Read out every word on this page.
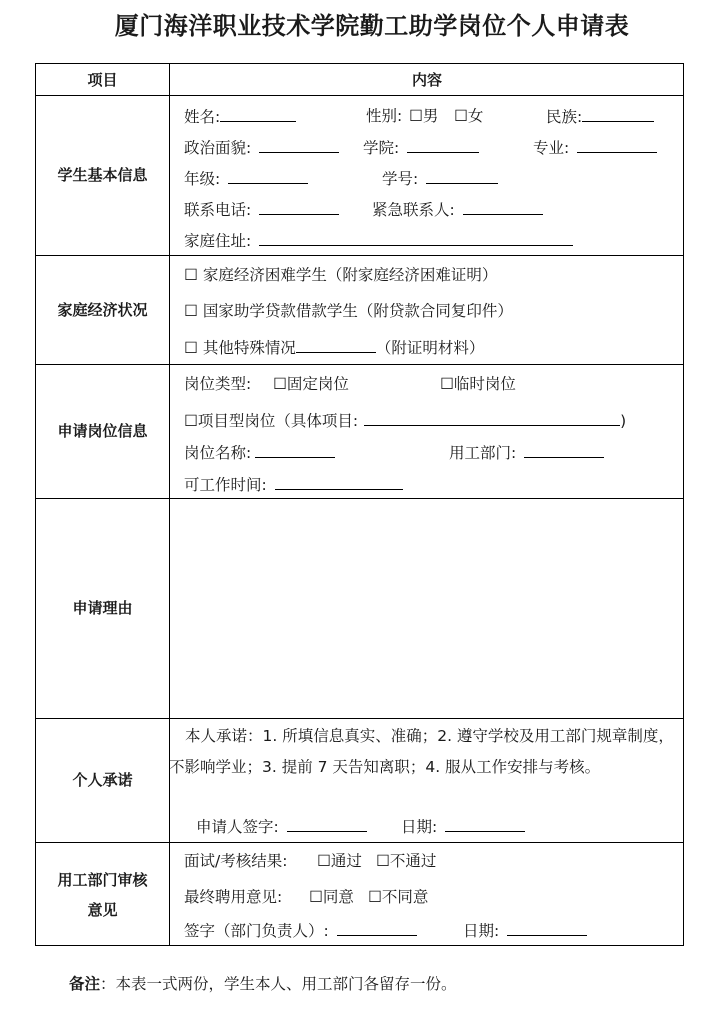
厦门海洋职业技术学院勤工助学岗位个人申请表
项目	内容
学生基本信息
姓名:	性别: ☐男 ☐女	民族:
政治面貌:	学院:	专业:
年级:	学号:
联系电话:	紧急联系人:
家庭住址:
家庭经济状况
☐ 家庭经济困难学生（附家庭经济困难证明）
☐ 国家助学贷款借款学生（附贷款合同复印件）
☐ 其他特殊情况	（附证明材料）
申请岗位信息
岗位类型: ☐固定岗位	☐临时岗位
☐项目型岗位（具体项目:	)
岗位名称:	用工部门:
可工作时间:
申请理由
个人承诺
本人承诺：1. 所填信息真实、准确；2. 遵守学校及用工部门规章制度，不影响学业；3. 提前 7 天告知离职；4. 服从工作安排与考核。
申请人签字:	日期:
用工部门审核意见
面试/考核结果: ☐通过 ☐不通过
最终聘用意见: ☐同意 ☐不同意
签字（部门负责人）:	日期:
备注：本表一式两份，学生本人、用工部门各留存一份。
